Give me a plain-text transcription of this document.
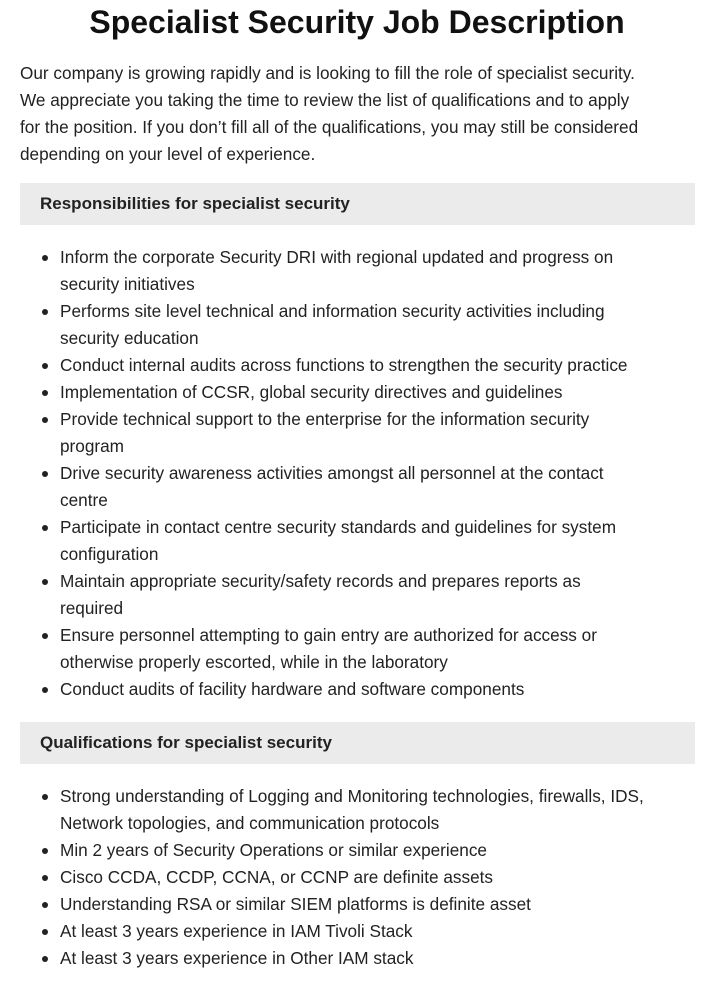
Specialist Security Job Description

Our company is growing rapidly and is looking to fill the role of specialist security.
We appreciate you taking the time to review the list of qualifications and to apply
for the position. If you don’t fill all of the qualifications, you may still be considered
depending on your level of experience.

Responsibilities for specialist security
Inform the corporate Security DRI with regional updated and progress on
security initiatives
Performs site level technical and information security activities including
security education
Conduct internal audits across functions to strengthen the security practice
Implementation of CCSR, global security directives and guidelines
Provide technical support to the enterprise for the information security
program
Drive security awareness activities amongst all personnel at the contact
centre
Participate in contact centre security standards and guidelines for system
configuration
Maintain appropriate security/safety records and prepares reports as
required
Ensure personnel attempting to gain entry are authorized for access or
otherwise properly escorted, while in the laboratory
Conduct audits of facility hardware and software components
Qualifications for specialist security
Strong understanding of Logging and Monitoring technologies, firewalls, IDS,
Network topologies, and communication protocols
Min 2 years of Security Operations or similar experience
Cisco CCDA, CCDP, CCNA, or CCNP are definite assets
Understanding RSA or similar SIEM platforms is definite asset
At least 3 years experience in IAM Tivoli Stack
At least 3 years experience in Other IAM stack
